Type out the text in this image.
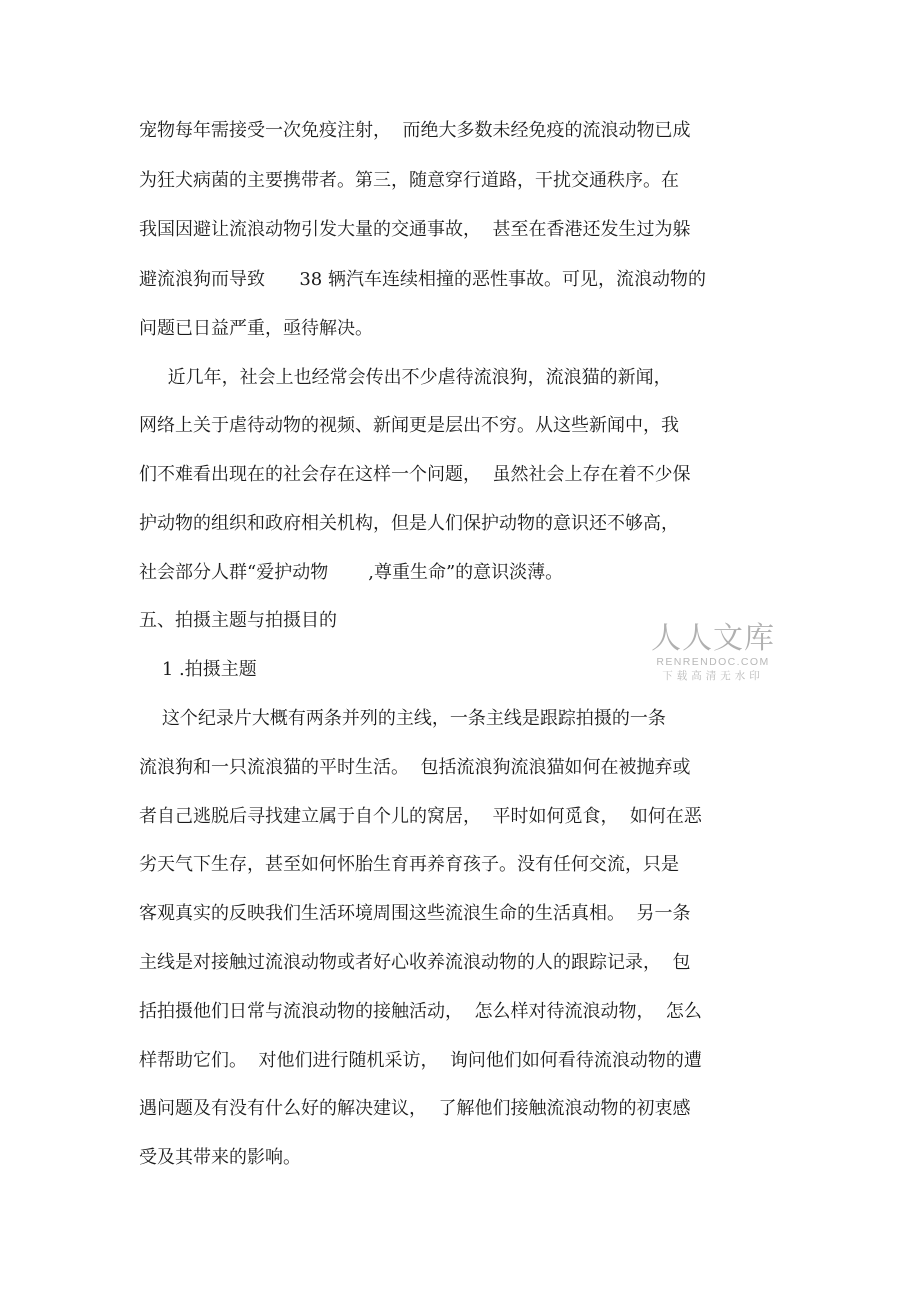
宠物每年需接受一次免疫注射，  而绝大多数未经免疫的流浪动物已成

为狂犬病菌的主要携带者。第三，随意穿行道路，干扰交通秩序。在

我国因避让流浪动物引发大量的交通事故，  甚至在香港还发生过为躲

避流浪狗而导致      38 辆汽车连续相撞的恶性事故。可见，流浪动物的

问题已日益严重，亟待解决。

近几年，社会上也经常会传出不少虐待流浪狗，流浪猫的新闻，

网络上关于虐待动物的视频、新闻更是层出不穷。从这些新闻中，我

们不难看出现在的社会存在这样一个问题，  虽然社会上存在着不少保

护动物的组织和政府相关机构，但是人们保护动物的意识还不够高，

社会部分人群“爱护动物       ,尊重生命”的意识淡薄。

五、拍摄主题与拍摄目的

1 .拍摄主题

这个纪录片大概有两条并列的主线，一条主线是跟踪拍摄的一条

流浪狗和一只流浪猫的平时生活。  包括流浪狗流浪猫如何在被抛弃或

者自己逃脱后寻找建立属于自个儿的窝居，  平时如何觅食，  如何在恶

劣天气下生存，甚至如何怀胎生育再养育孩子。没有任何交流，只是

客观真实的反映我们生活环境周围这些流浪生命的生活真相。  另一条

主线是对接触过流浪动物或者好心收养流浪动物的人的跟踪记录，  包

括拍摄他们日常与流浪动物的接触活动，  怎么样对待流浪动物，  怎么

样帮助它们。  对他们进行随机采访，  询问他们如何看待流浪动物的遭

遇问题及有没有什么好的解决建议，  了解他们接触流浪动物的初衷感

受及其带来的影响。

人人文库
RENRENDOC.COM
下载高清无水印
